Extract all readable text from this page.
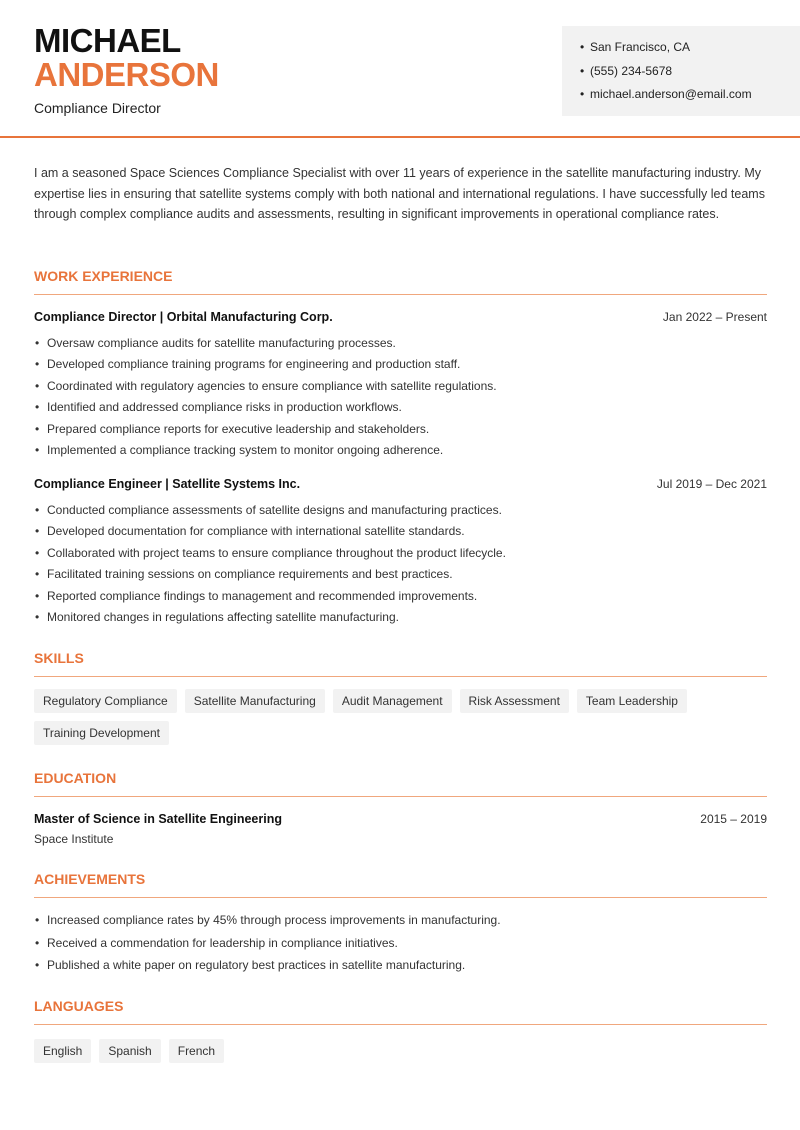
MICHAEL
ANDERSON
Compliance Director
• San Francisco, CA
• (555) 234-5678
• michael.anderson@email.com
I am a seasoned Space Sciences Compliance Specialist with over 11 years of experience in the satellite manufacturing industry. My expertise lies in ensuring that satellite systems comply with both national and international regulations. I have successfully led teams through complex compliance audits and assessments, resulting in significant improvements in operational compliance rates.
WORK EXPERIENCE
Compliance Director | Orbital Manufacturing Corp.	Jan 2022 – Present
• Oversaw compliance audits for satellite manufacturing processes.
• Developed compliance training programs for engineering and production staff.
• Coordinated with regulatory agencies to ensure compliance with satellite regulations.
• Identified and addressed compliance risks in production workflows.
• Prepared compliance reports for executive leadership and stakeholders.
• Implemented a compliance tracking system to monitor ongoing adherence.
Compliance Engineer | Satellite Systems Inc.	Jul 2019 – Dec 2021
• Conducted compliance assessments of satellite designs and manufacturing practices.
• Developed documentation for compliance with international satellite standards.
• Collaborated with project teams to ensure compliance throughout the product lifecycle.
• Facilitated training sessions on compliance requirements and best practices.
• Reported compliance findings to management and recommended improvements.
• Monitored changes in regulations affecting satellite manufacturing.
SKILLS
Regulatory Compliance	Satellite Manufacturing	Audit Management	Risk Assessment	Team Leadership
Training Development
EDUCATION
Master of Science in Satellite Engineering	2015 – 2019
Space Institute
ACHIEVEMENTS
• Increased compliance rates by 45% through process improvements in manufacturing.
• Received a commendation for leadership in compliance initiatives.
• Published a white paper on regulatory best practices in satellite manufacturing.
LANGUAGES
English	Spanish	French
